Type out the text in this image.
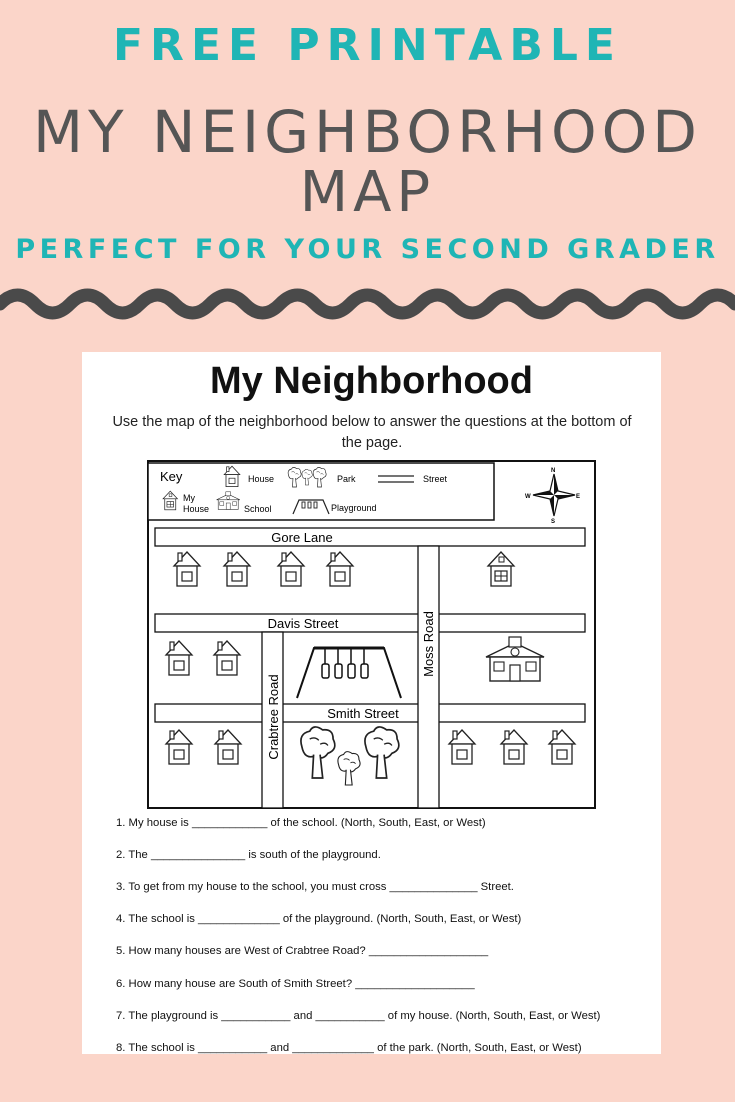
FREE PRINTABLE
MY NEIGHBORHOOD
MAP
PERFECT FOR YOUR SECOND GRADER
My Neighborhood
Use the map of the neighborhood below to answer the questions at the bottom of the page.
Key	House	Park	Street
My
House	School	Playground
N
S
E
W
Gore Lane
Davis Street
Smith Street
Moss Road
Crabtree Road
1. My house is ____________ of the school. (North, South, East, or West)
2. The _______________ is south of the playground.
3. To get from my house to the school, you must cross ______________ Street.
4. The school is _____________ of the playground. (North, South, East, or West)
5. How many houses are West of Crabtree Road? ___________________
6. How many house are South of Smith Street? ___________________
7. The playground is ___________ and ___________ of my house. (North, South, East, or West)
8. The school is ___________ and _____________ of the park. (North, South, East, or West)
